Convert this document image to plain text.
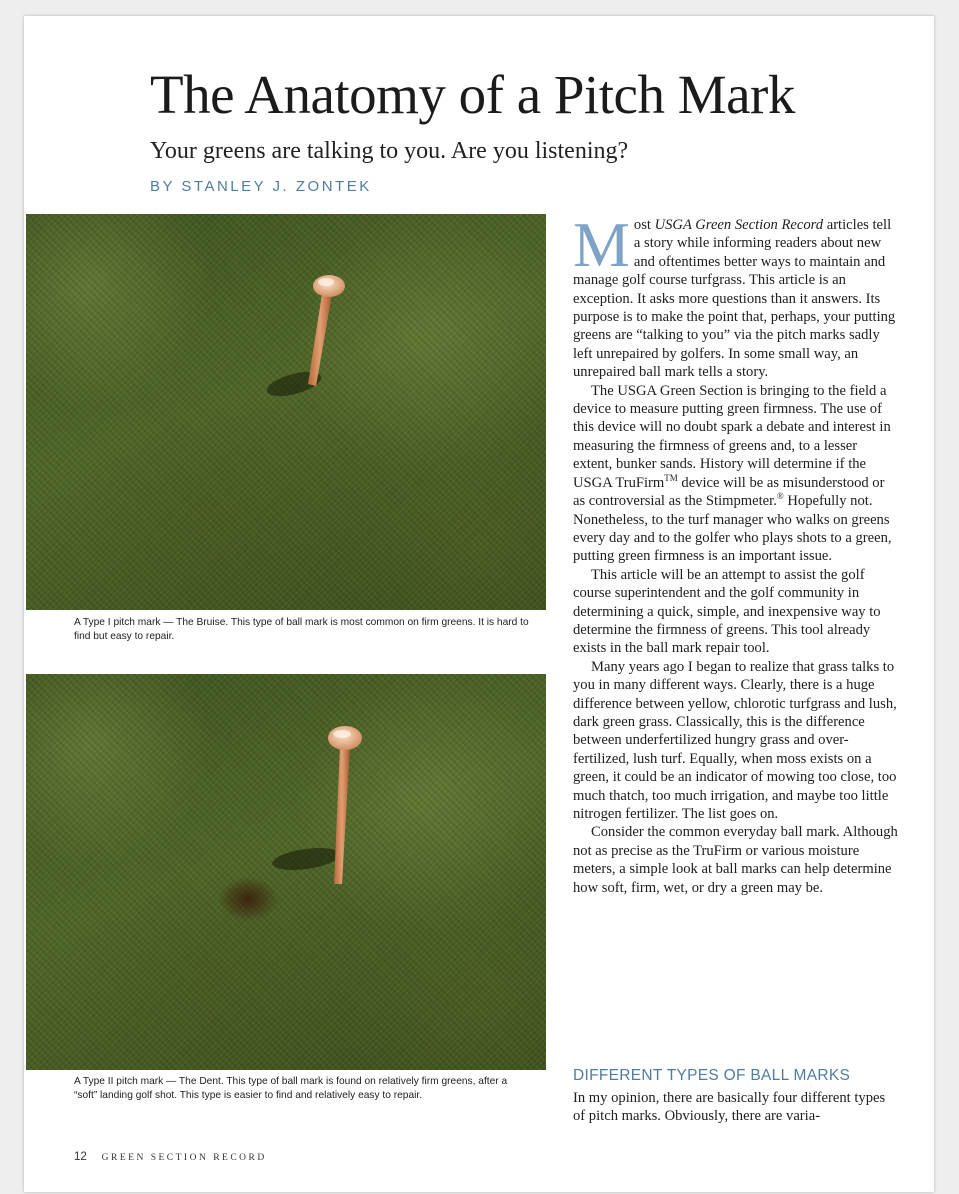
The Anatomy of a Pitch Mark
Your greens are talking to you. Are you listening?
BY STANLEY J. ZONTEK
A Type I pitch mark — The Bruise. This type of ball mark is most common on firm greens. It is hard to find but easy to repair.
A Type II pitch mark — The Dent. This type of ball mark is found on relatively firm greens, after a “soft” landing golf shot. This type is easier to find and relatively easy to repair.

Most USGA Green Section Record articles tell a story while informing readers about new and oftentimes better ways to maintain and manage golf course turfgrass. This article is an exception. It asks more questions than it answers. Its purpose is to make the point that, perhaps, your putting greens are “talking to you” via the pitch marks sadly left unrepaired by golfers. In some small way, an unrepaired ball mark tells a story.

The USGA Green Section is bringing to the field a device to measure putting green firmness. The use of this device will no doubt spark a debate and interest in measuring the firmness of greens and, to a lesser extent, bunker sands. History will determine if the USGA TruFirm™ device will be as misunderstood or as controversial as the Stimpmeter.® Hopefully not. Nonetheless, to the turf manager who walks on greens every day and to the golfer who plays shots to a green, putting green firmness is an important issue.

This article will be an attempt to assist the golf course superintendent and the golf community in determining a quick, simple, and inexpensive way to determine the firmness of greens. This tool already exists in the ball mark repair tool.

Many years ago I began to realize that grass talks to you in many different ways. Clearly, there is a huge difference between yellow, chlorotic turfgrass and lush, dark green grass. Classically, this is the difference between underfertilized hungry grass and over-fertilized, lush turf. Equally, when moss exists on a green, it could be an indicator of mowing too close, too much thatch, too much irrigation, and maybe too little nitrogen fertilizer. The list goes on.

Consider the common everyday ball mark. Although not as precise as the TruFirm or various moisture meters, a simple look at ball marks can help determine how soft, firm, wet, or dry a green may be.

DIFFERENT TYPES OF BALL MARKS
In my opinion, there are basically four different types of pitch marks. Obviously, there are varia-
12 GREEN SECTION RECORD
